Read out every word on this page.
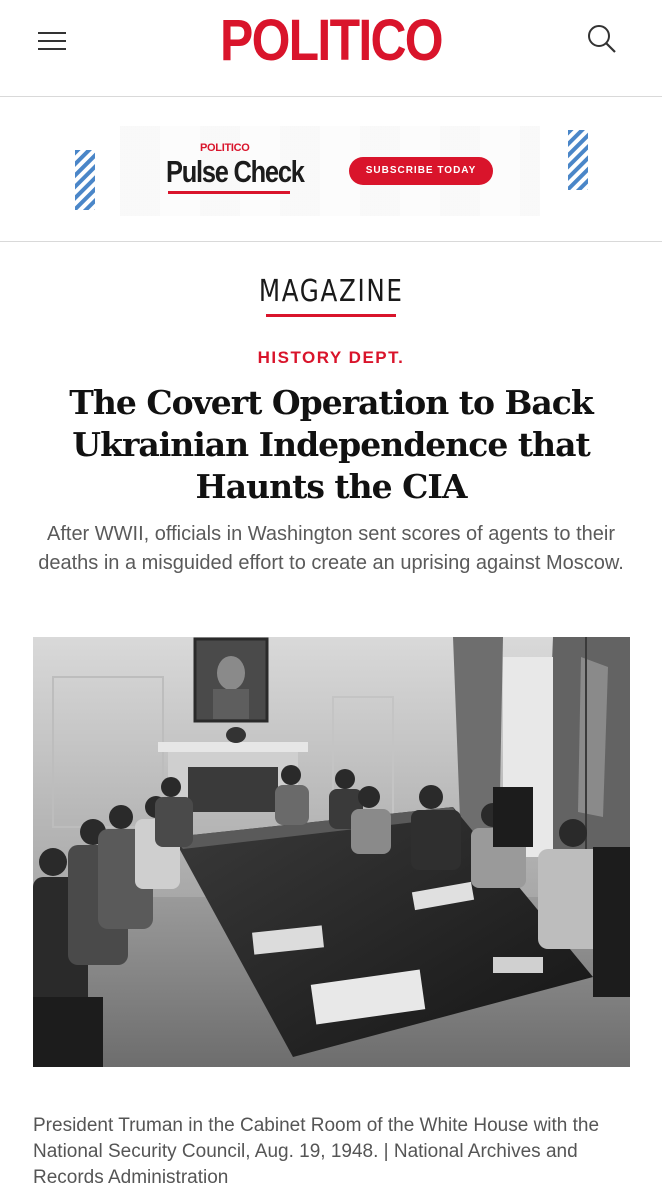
POLITICO
POLITICO
Pulse Check	SUBSCRIBE TODAY
MAGAZINE
HISTORY DEPT.
The Covert Operation to Back Ukrainian Independence that Haunts the CIA

After WWII, officials in Washington sent scores of agents to their deaths in a misguided effort to create an uprising against Moscow.

President Truman in the Cabinet Room of the White House with the National Security Council, Aug. 19, 1948. | National Archives and Records Administration
